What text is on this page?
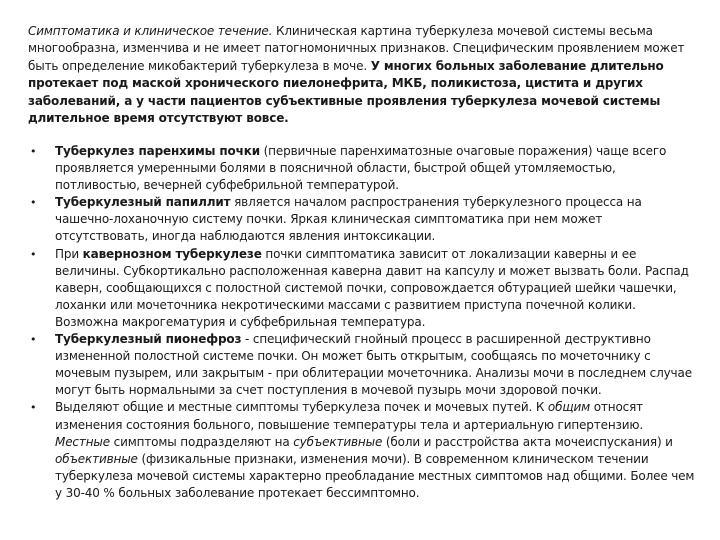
Симптоматика и клиническое течение. Клиническая картина туберкулеза мочевой системы весьма многообразна, изменчива и не имеет патогномоничных признаков. Специфическим проявлением может быть определение микобактерий туберкулеза в моче. У многих больных заболевание длительно протекает под маской хронического пиелонефрита, МКБ, поликистоза, цистита и других заболеваний, а у части пациентов субъективные проявления туберкулеза мочевой системы длительное время отсутствуют вовсе.

• Туберкулез паренхимы почки (первичные паренхиматозные очаговые поражения) чаще всего проявляется умеренными болями в поясничной области, быстрой общей утомляемостью, потливостью, вечерней субфебрильной температурой.
• Туберкулезный папиллит является началом распространения туберкулезного процесса на чашечно-лоханочную систему почки. Яркая клиническая симптоматика при нем может отсутствовать, иногда наблюдаются явления интоксикации.
• При кавернозном туберкулезе почки симптоматика зависит от локализации каверны и ее величины. Субкортикально расположенная каверна давит на капсулу и может вызвать боли. Распад каверн, сообщающихся с полостной системой почки, сопровождается обтурацией шейки чашечки, лоханки или мочеточника некротическими массами с развитием приступа почечной колики. Возможна макрогематурия и субфебрильная температура.
• Туберкулезный пионефроз - специфический гнойный процесс в расширенной деструктивно измененной полостной системе почки. Он может быть открытым, сообщаясь по мочеточнику с мочевым пузырем, или закрытым - при облитерации мочеточника. Анализы мочи в последнем случае могут быть нормальными за счет поступления в мочевой пузырь мочи здоровой почки.
• Выделяют общие и местные симптомы туберкулеза почек и мочевых путей. К общим относят изменения состояния больного, повышение температуры тела и артериальную гипертензию. Местные симптомы подразделяют на субъективные (боли и расстройства акта мочеиспускания) и объективные (физикальные признаки, изменения мочи). В современном клиническом течении туберкулеза мочевой системы характерно преобладание местных симптомов над общими. Более чем у 30-40 % больных заболевание протекает бессимптомно.
